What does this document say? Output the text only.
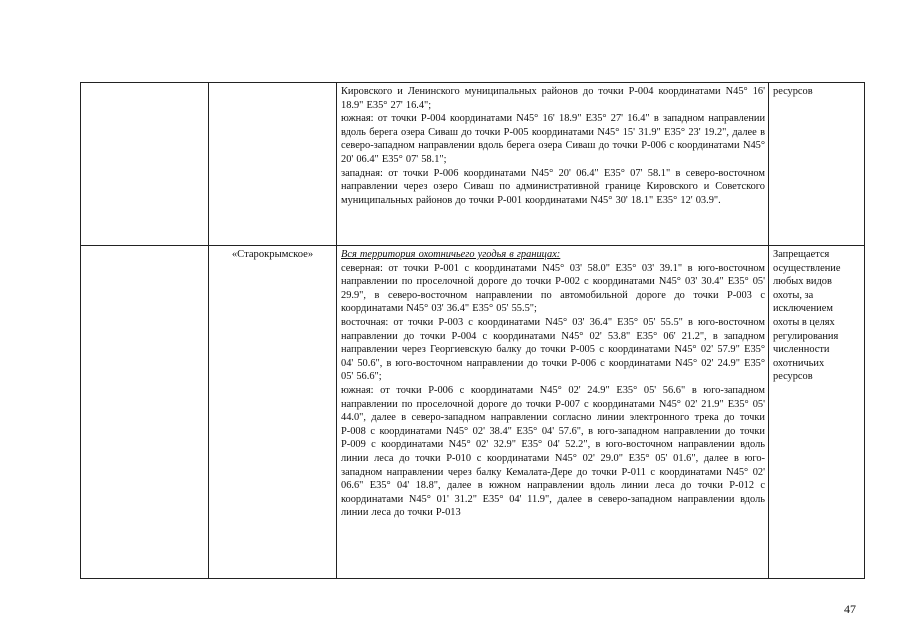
		Кировского и Ленинского муниципальных районов до точки Р-004 координатами N45° 16' 18.9" E35° 27' 16.4";

южная: от точки Р-004 координатами N45° 16' 18.9" E35° 27' 16.4" в западном направлении вдоль берега озера Сиваш до точки Р-005 координатами N45° 15' 31.9" E35° 23' 19.2", далее в северо-западном направлении вдоль берега озера Сиваш до точки Р-006 с координатами N45° 20' 06.4" E35° 07' 58.1";

западная: от точки Р-006 координатами N45° 20' 06.4" E35° 07' 58.1" в северо-восточном направлении через озеро Сиваш по административной границе Кировского и Советского муниципальных районов до точки Р-001 координатами N45° 30' 18.1" E35° 12' 03.9".	ресурсов

	«Старокрымское»	Вся территория охотничьего угодья в границах:

северная: от точки Р-001 с координатами N45° 03' 58.0" E35° 03' 39.1" в юго-восточном направлении по проселочной дороге до точки Р-002 с координатами N45° 03' 30.4" E35° 05' 29.9", в северо-восточном направлении по автомобильной дороге до точки Р-003 с координатами N45° 03' 36.4" E35° 05' 55.5";

восточная: от точки Р-003 с координатами N45° 03' 36.4" E35° 05' 55.5" в юго-восточном направлении до точки Р-004 с координатами N45° 02' 53.8" E35° 06' 21.2", в западном направлении через Георгиевскую балку до точки Р-005 с координатами N45° 02' 57.9" E35° 04' 50.6", в юго-восточном направлении до точки Р-006 с координатами N45° 02' 24.9" E35° 05' 56.6";

южная: от точки Р-006 с координатами N45° 02' 24.9" E35° 05' 56.6" в юго-западном направлении по проселочной дороге до точки Р-007 с координатами N45° 02' 21.9" E35° 05' 44.0", далее в северо-западном направлении согласно линии электронного трека до точки Р-008 с координатами N45° 02' 38.4" E35° 04' 57.6", в юго-западном направлении до точки Р-009 с координатами N45° 02' 32.9" E35° 04' 52.2", в юго-восточном направлении вдоль линии леса до точки Р-010 с координатами N45° 02' 29.0" E35° 05' 01.6", далее в юго-западном направлении через балку Кемалата-Дере до точки Р-011 с координатами N45° 02' 06.6" E35° 04' 18.8", далее в южном направлении вдоль линии леса до точки Р-012 с координатами N45° 01' 31.2" E35° 04' 11.9", далее в северо-западном направлении вдоль линии леса до точки Р-013	Запрещается осуществление любых видов охоты, за исключением охоты в целях регулирования численности охотничьих ресурсов
47
